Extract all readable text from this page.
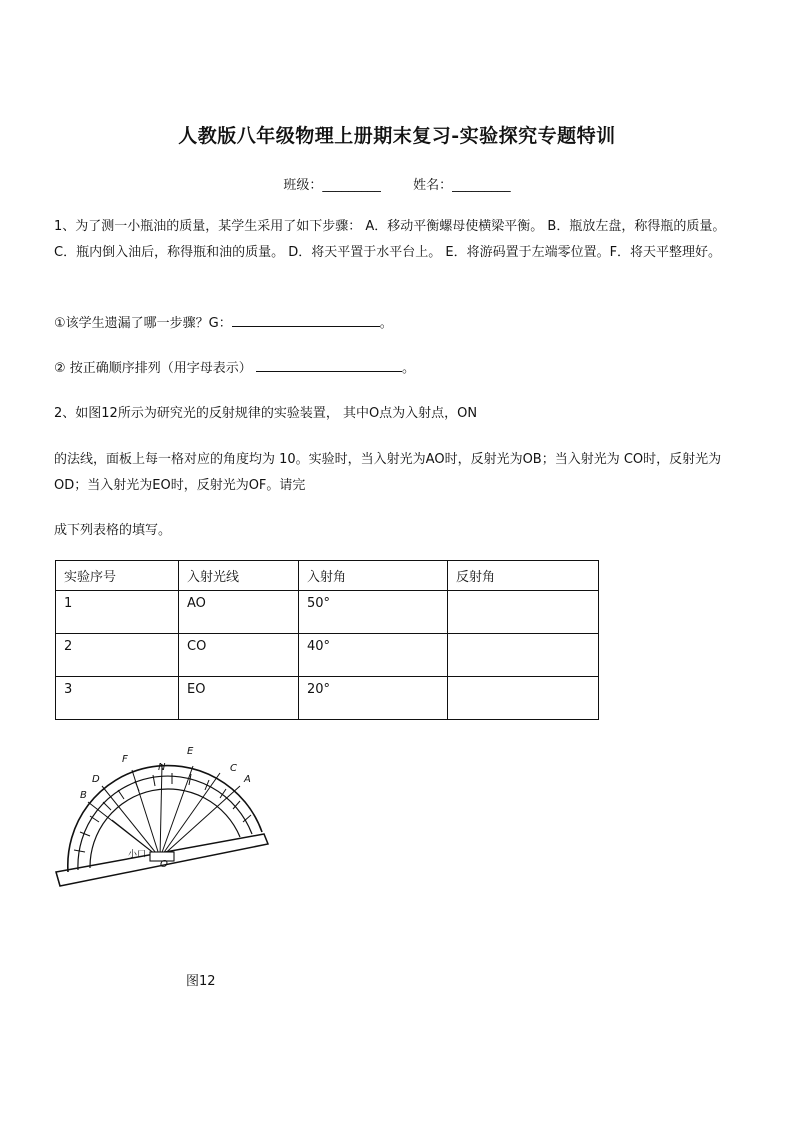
人教版八年级物理上册期末复习-实验探究专题特训
班级：_________ 姓名：_________
1、为了测一小瓶油的质量，某学生采用了如下步骤： A．移动平衡螺母使横梁平衡。 B．瓶放左盘，称得瓶的质量。C．瓶内倒入油后，称得瓶和油的质量。 D．将天平置于水平台上。 E．将游码置于左端零位置。F．将天平整理好。
①该学生遗漏了哪一步骤？G：	。
② 按正确顺序排列（用字母表示）	。
2、如图12所示为研究光的反射规律的实验装置， 其中O点为入射点，ON
的法线，面板上每一格对应的角度均为 10。实验时，当入射光为AO时，反射光为OB；当入射光为 CO时，反射光为OD；当入射光为EO时，反射光为OF。请完
成下列表格的填写。
实验序号	入射光线	入射角	反射角
1	AO	50°	
2	CO	40°	
3	EO	20°	
C
A
E
N
F
D
B
O
小口
图12
